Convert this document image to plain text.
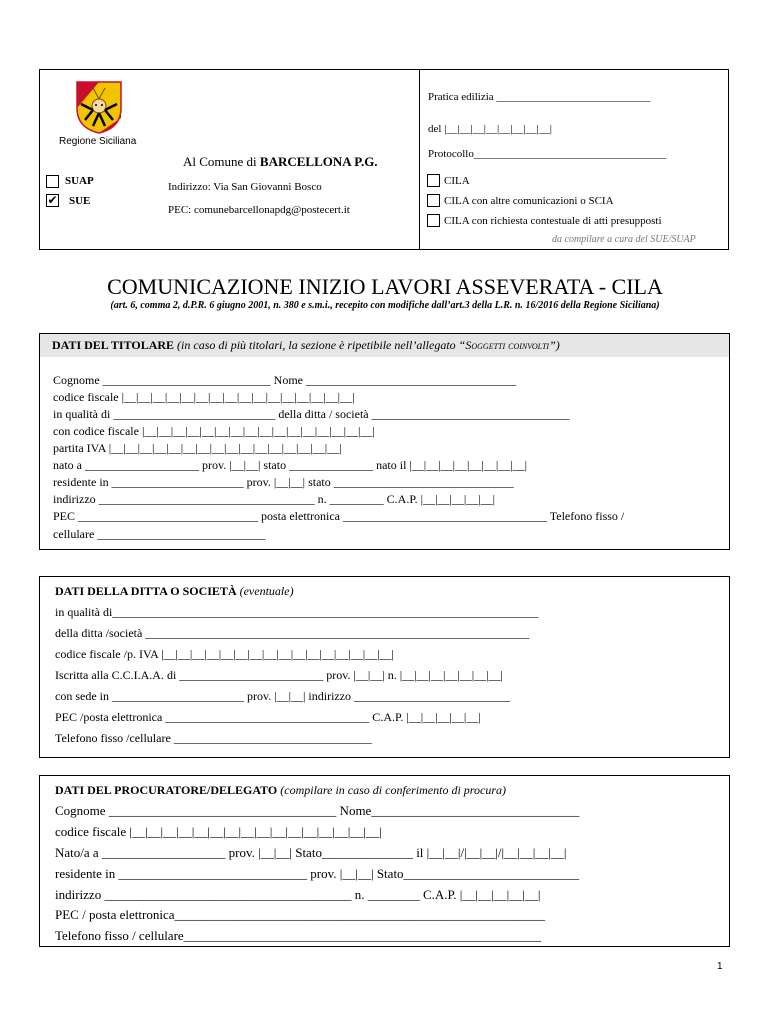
Regione Siciliana
Al Comune di BARCELLONA P.G.
SUAP
✔ SUE
Indirizzo: Via San Giovanni Bosco
PEC: comunebarcellonapdg@postecert.it
Pratica edilizia ____________________________
del |__|__|__|__|__|__|__|__|
Protocollo___________________________________
CILA
CILA con altre comunicazioni o SCIA
CILA con richiesta contestuale di atti presupposti
da compilare a cura del SUE/SUAP
COMUNICAZIONE INIZIO LAVORI ASSEVERATA - CILA
(art. 6, comma 2, d.P.R. 6 giugno 2001, n. 380 e s.m.i., recepito con modifiche dall’art.3 della L.R. n. 16/2016 della Regione Siciliana)
DATI DEL TITOLARE (in caso di più titolari, la sezione è ripetibile nell’allegato “Soggetti coinvolti”)
Cognome ____________________________ Nome ___________________________________
codice fiscale |__|__|__|__|__|__|__|__|__|__|__|__|__|__|__|__|
in qualità di ___________________________ della ditta / società _________________________________
con codice fiscale |__|__|__|__|__|__|__|__|__|__|__|__|__|__|__|__|
partita IVA |__|__|__|__|__|__|__|__|__|__|__|__|__|__|__|__|
nato a ___________________ prov. |__|__| stato ______________ nato il |__|__|__|__|__|__|__|__|
residente in ______________________ prov. |__|__| stato ______________________________
indirizzo ____________________________________ n. _________ C.A.P. |__|__|__|__|__|
PEC ______________________________ posta elettronica __________________________________ Telefono fisso /
cellulare ____________________________
DATI DELLA DITTA O SOCIETÀ (eventuale)
in qualità di_______________________________________________________________________
della ditta /società ________________________________________________________________
codice fiscale /p. IVA |__|__|__|__|__|__|__|__|__|__|__|__|__|__|__|__|
Iscritta alla C.C.I.A.A. di ________________________ prov. |__|__| n. |__|__|__|__|__|__|__|
con sede in ______________________ prov. |__|__| indirizzo __________________________
PEC /posta elettronica __________________________________ C.A.P. |__|__|__|__|__|
Telefono fisso /cellulare _________________________________
DATI DEL PROCURATORE/DELEGATO (compilare in caso di conferimento di procura)
Cognome ___________________________________ Nome________________________________
codice fiscale |__|__|__|__|__|__|__|__|__|__|__|__|__|__|__|__|
Nato/a a ___________________ prov. |__|__| Stato______________ il |__|__|/|__|__|/|__|__|__|__|
residente in _____________________________ prov. |__|__| Stato___________________________
indirizzo ______________________________________ n. ________ C.A.P. |__|__|__|__|__|
PEC / posta elettronica_________________________________________________________
Telefono fisso / cellulare_______________________________________________________
1
